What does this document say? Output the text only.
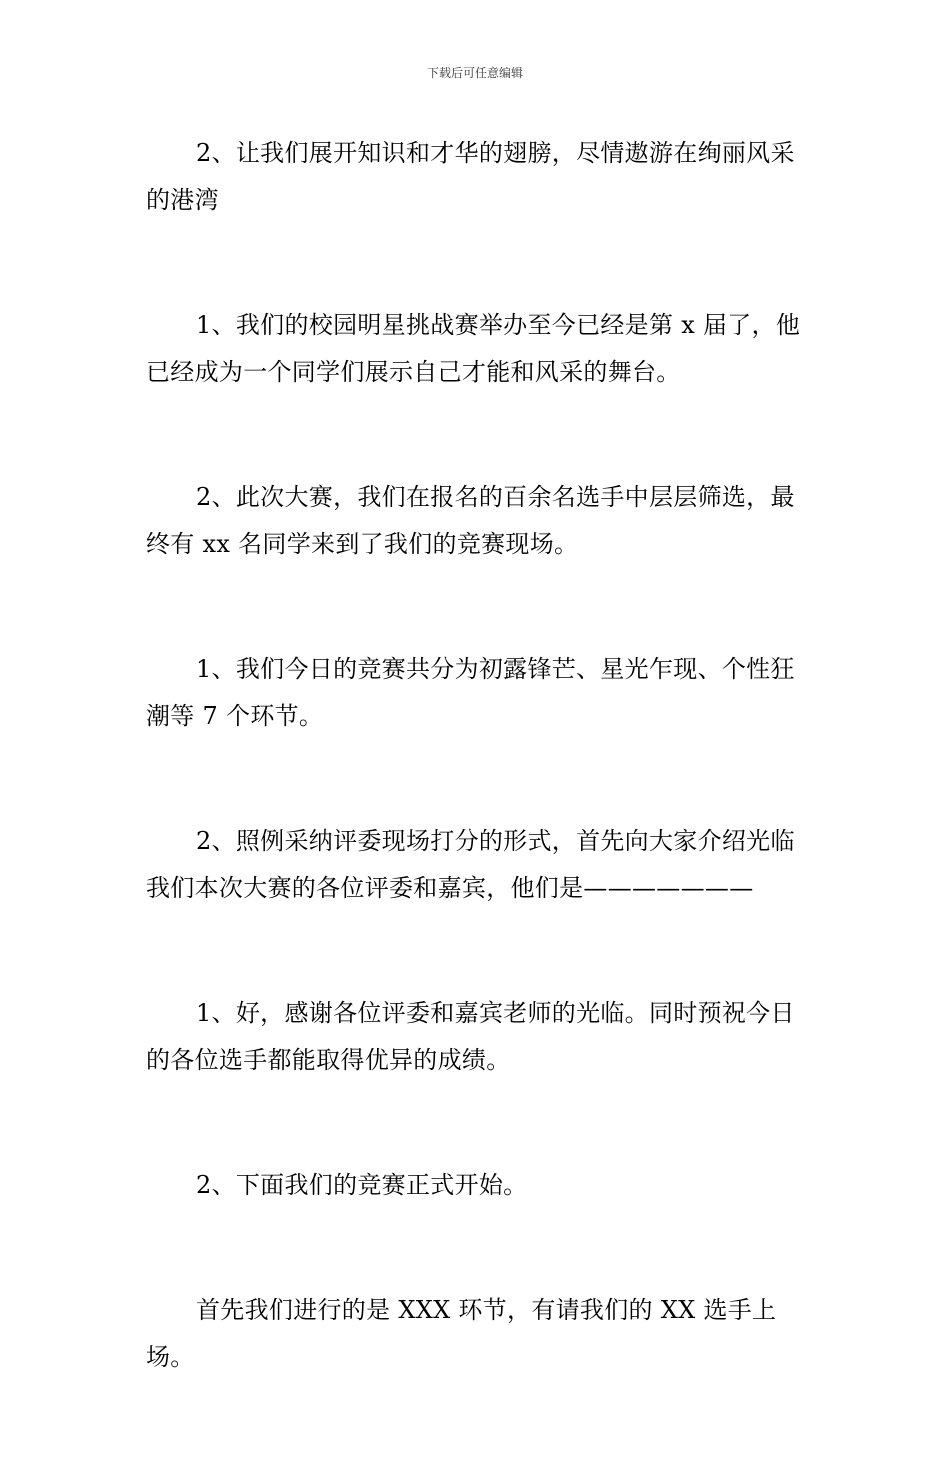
下载后可任意编辑

2、让我们展开知识和才华的翅膀，尽情遨游在绚丽风采的港湾

1、我们的校园明星挑战赛举办至今已经是第 x 届了，他已经成为一个同学们展示自己才能和风采的舞台。

2、此次大赛，我们在报名的百余名选手中层层筛选，最终有 xx 名同学来到了我们的竞赛现场。

1、我们今日的竞赛共分为初露锋芒、星光乍现、个性狂潮等 7 个环节。

2、照例采纳评委现场打分的形式，首先向大家介绍光临我们本次大赛的各位评委和嘉宾，他们是———————

1、好，感谢各位评委和嘉宾老师的光临。同时预祝今日的各位选手都能取得优异的成绩。

2、下面我们的竞赛正式开始。

首先我们进行的是 XXX 环节，有请我们的 XX 选手上场。
